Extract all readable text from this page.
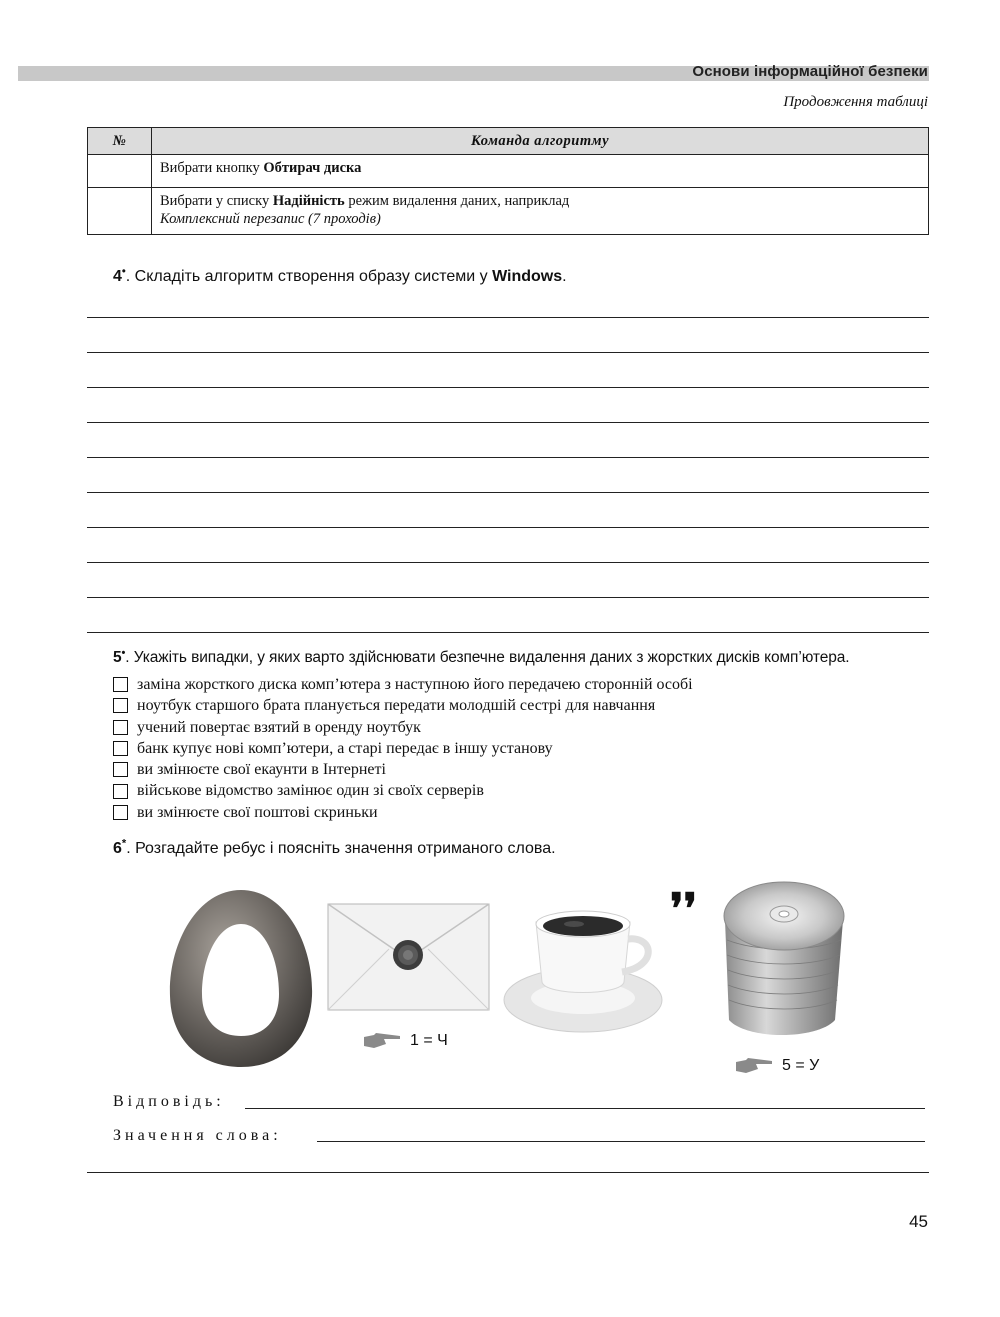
Основи інформаційної безпеки
Продовження таблиці
№	Команда алгоритму
	Вибрати кнопку Обтирач диска
	Вибрати у списку Надійність режим видалення даних, наприклад
Комплексний перезапис (7 проходів)
4•. Складіть алгоритм створення образу системи у Windows.
5•. Укажіть випадки, у яких варто здійснювати безпечне видалення даних з жорстких дисків комп’ютера.
заміна жорсткого диска комп’ютера з наступною його передачею сторонній особі
ноутбук старшого брата планується передати молодшій сестрі для навчання
учений повертає взятий в оренду ноутбук
банк купує нові комп’ютери, а старі передає в іншу установу
ви змінюєте свої екаунти в Інтернеті
військове відомство замінює один зі своїх серверів
ви змінюєте свої поштові скриньки
6*. Розгадайте ребус і поясніть значення отриманого слова.
1 = Ч
❜❜
5 = У
Відповідь:
Значення слова:
45
